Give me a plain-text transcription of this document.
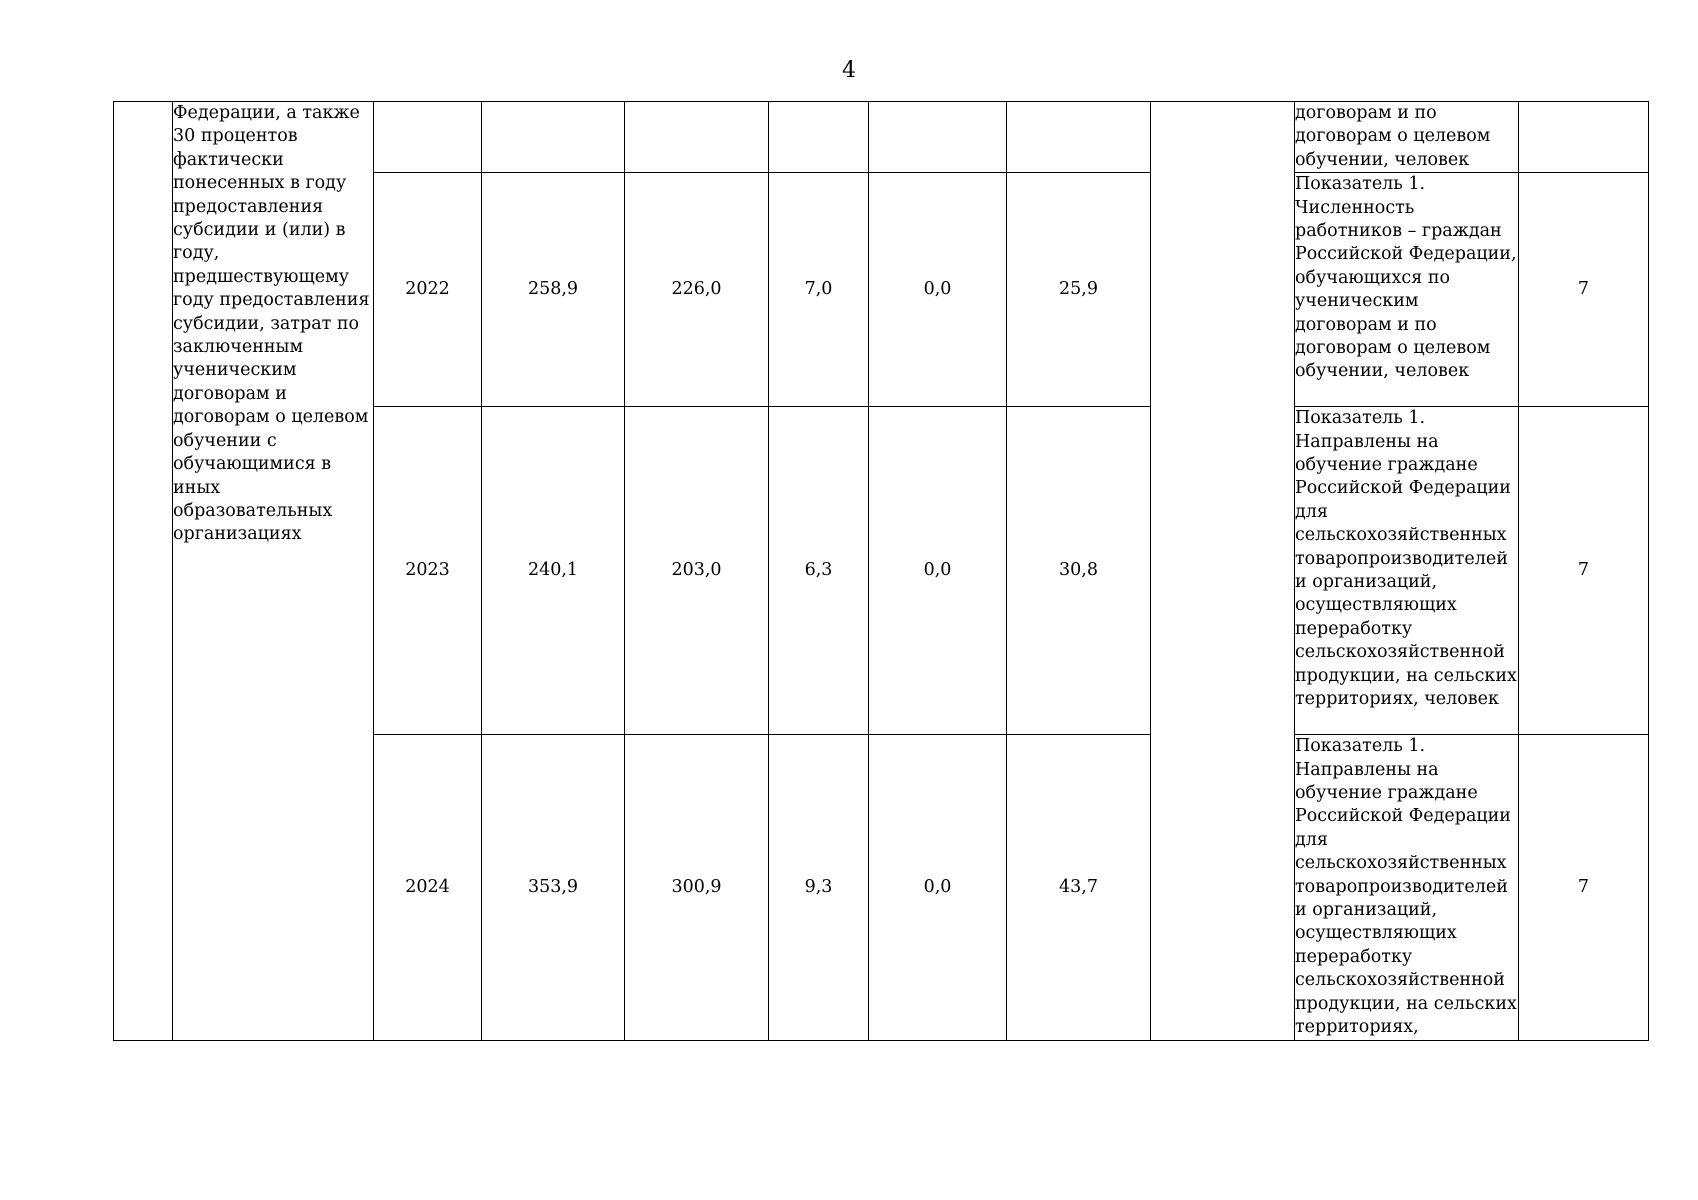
4
	Федерации, а также 30 процентов фактически понесенных в году предоставления субсидии и (или) в году, предшествующему году предоставления субсидии, затрат по заключенным ученическим договорам и договорам о целевом обучении с обучающимися в иных образовательных организациях								договорам и по договорам о целевом обучении, человек	
		2022	258,9	226,0	7,0	0,0	25,9		Показатель 1. Численность работников – граждан Российской Федерации, обучающихся по ученическим договорам и по договорам о целевом обучении, человек	7
		2023	240,1	203,0	6,3	0,0	30,8		Показатель 1. Направлены на обучение граждане Российской Федерации для сельскохозяйственных товаропроизводителей и организаций, осуществляющих переработку сельскохозяйственной продукции, на сельских территориях, человек	7
		2024	353,9	300,9	9,3	0,0	43,7		Показатель 1. Направлены на обучение граждане Российской Федерации для сельскохозяйственных товаропроизводителей и организаций, осуществляющих переработку сельскохозяйственной продукции, на сельских территориях,	7
